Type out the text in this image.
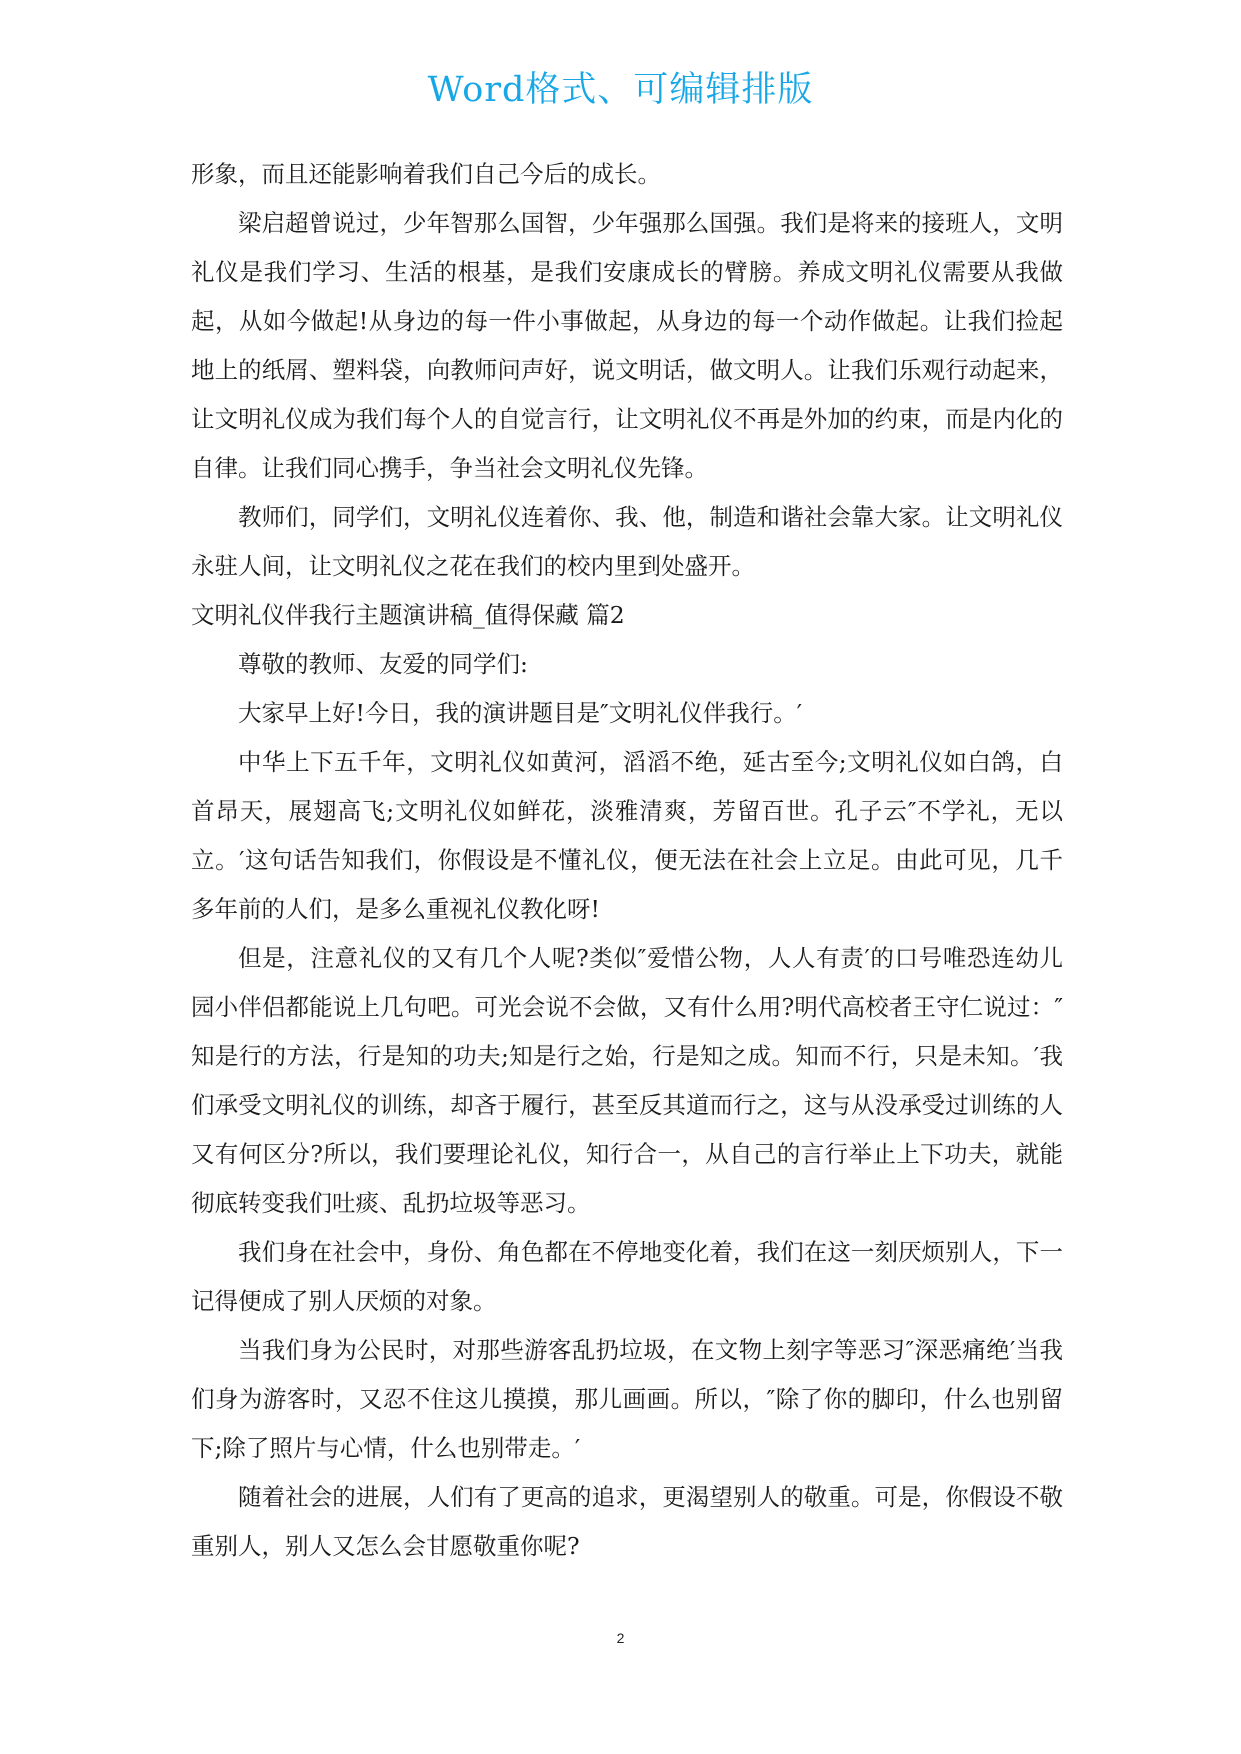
Word格式、可编辑排版

形象，而且还能影响着我们自己今后的成长。

梁启超曾说过，少年智那么国智，少年强那么国强。我们是将来的接班人，文明礼仪是我们学习、生活的根基，是我们安康成长的臂膀。养成文明礼仪需要从我做起，从如今做起!从身边的每一件小事做起，从身边的每一个动作做起。让我们捡起地上的纸屑、塑料袋，向教师问声好，说文明话，做文明人。让我们乐观行动起来，让文明礼仪成为我们每个人的自觉言行，让文明礼仪不再是外加的约束，而是内化的自律。让我们同心携手，争当社会文明礼仪先锋。

教师们，同学们，文明礼仪连着你、我、他，制造和谐社会靠大家。让文明礼仪永驻人间，让文明礼仪之花在我们的校内里到处盛开。

文明礼仪伴我行主题演讲稿_值得保藏 篇2

尊敬的教师、友爱的同学们:

大家早上好!今日，我的演讲题目是″文明礼仪伴我行。′

中华上下五千年，文明礼仪如黄河，滔滔不绝，延古至今;文明礼仪如白鸽，白首昂天，展翅高飞;文明礼仪如鲜花，淡雅清爽，芳留百世。孔子云″不学礼，无以立。′这句话告知我们，你假设是不懂礼仪，便无法在社会上立足。由此可见，几千多年前的人们，是多么重视礼仪教化呀!

但是，注意礼仪的又有几个人呢?类似″爱惜公物，人人有责′的口号唯恐连幼儿园小伴侣都能说上几句吧。可光会说不会做，又有什么用?明代高校者王守仁说过：″知是行的方法，行是知的功夫;知是行之始，行是知之成。知而不行，只是未知。′我们承受文明礼仪的训练，却吝于履行，甚至反其道而行之，这与从没承受过训练的人又有何区分?所以，我们要理论礼仪，知行合一，从自己的言行举止上下功夫，就能彻底转变我们吐痰、乱扔垃圾等恶习。

我们身在社会中，身份、角色都在不停地变化着，我们在这一刻厌烦别人，下一记得便成了别人厌烦的对象。

当我们身为公民时，对那些游客乱扔垃圾，在文物上刻字等恶习″深恶痛绝′当我们身为游客时，又忍不住这儿摸摸，那儿画画。所以，″除了你的脚印，什么也别留下;除了照片与心情，什么也别带走。′

随着社会的进展，人们有了更高的追求，更渴望别人的敬重。可是，你假设不敬重别人，别人又怎么会甘愿敬重你呢?

2
